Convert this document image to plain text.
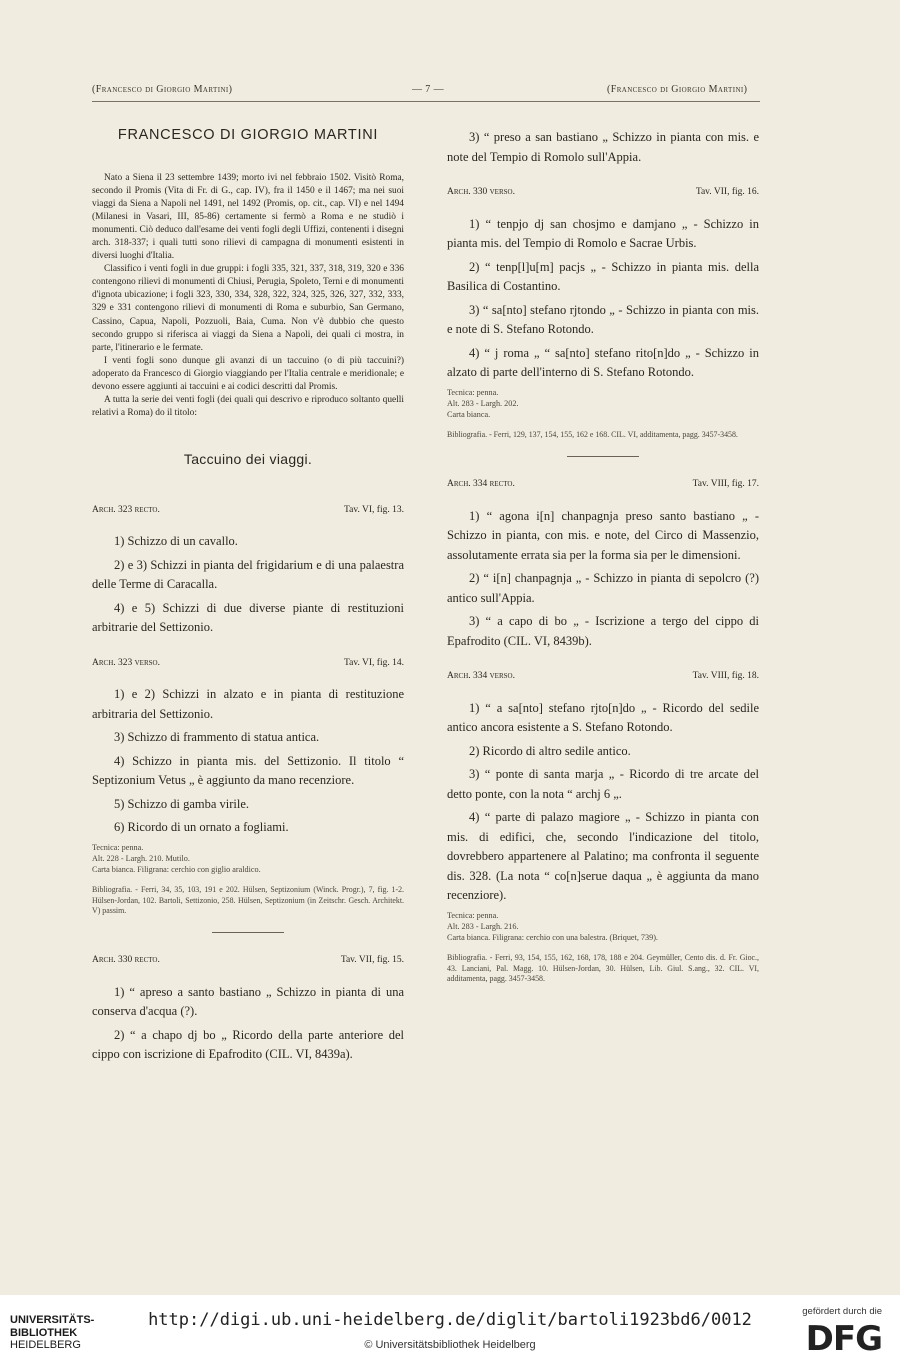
(Francesco di Giorgio Martini)	— 7 —	(Francesco di Giorgio Martini)
FRANCESCO DI GIORGIO MARTINI

Nato a Siena il 23 settembre 1439; morto ivi nel febbraio 1502. Visitò Roma, secondo il Promis (Vita di Fr. di G., cap. IV), fra il 1450 e il 1467; ma nei suoi viaggi da Siena a Napoli nel 1491, nel 1492 (Promis, op. cit., cap. VI) e nel 1494 (Milanesi in Vasari, III, 85-86) certamente si fermò a Roma e ne studiò i monumenti. Ciò deduco dall'esame dei venti fogli degli Uffizi, contenenti i disegni arch. 318-337; i quali tutti sono rilievi di campagna di monumenti esistenti in diversi luoghi d'Italia.

Classifico i venti fogli in due gruppi: i fogli 335, 321, 337, 318, 319, 320 e 336 contengono rilievi di monumenti di Chiusi, Perugia, Spoleto, Terni e di monumenti d'ignota ubicazione; i fogli 323, 330, 334, 328, 322, 324, 325, 326, 327, 332, 333, 329 e 331 contengono rilievi di monumenti di Roma e suburbio, San Germano, Cassino, Capua, Napoli, Pozzuoli, Baia, Cuma. Non v'è dubbio che questo secondo gruppo si riferisca ai viaggi da Siena a Napoli, dei quali ci mostra, in parte, l'itinerario e le fermate.

I venti fogli sono dunque gli avanzi di un taccuino (o di più taccuini?) adoperato da Francesco di Giorgio viaggiando per l'Italia centrale e meridionale; e devono essere aggiunti ai taccuini e ai codici descritti dal Promis.

A tutta la serie dei venti fogli (dei quali qui descrivo e riproduco soltanto quelli relativi a Roma) do il titolo:

Taccuino dei viaggi.
Arch. 323 recto.	Tav. VI, fig. 13.

1) Schizzo di un cavallo.

2) e 3) Schizzi in pianta del frigidarium e di una palaestra delle Terme di Caracalla.

4) e 5) Schizzi di due diverse piante di restituzioni arbitrarie del Settizonio.

Arch. 323 verso.	Tav. VI, fig. 14.

1) e 2) Schizzi in alzato e in pianta di restituzione arbitraria del Settizonio.

3) Schizzo di frammento di statua antica.

4) Schizzo in pianta mis. del Settizonio. Il titolo “ Septizonium Vetus „ è aggiunto da mano recenziore.

5) Schizzo di gamba virile.

6) Ricordo di un ornato a fogliami.

Tecnica: penna.
Alt. 228 - Largh. 210. Mutilo.
Carta bianca. Filigrana: cerchio con giglio araldico.
Bibliografia. - Ferri, 34, 35, 103, 191 e 202. Hülsen, Septizonium (Winck. Progr.), 7, fig. 1-2. Hülsen-Jordan, 102. Bartoli, Settizonio, 258. Hülsen, Septizonium (in Zeitschr. Gesch. Architekt. V) passim.
Arch. 330 recto.	Tav. VII, fig. 15.

1) “ apreso a santo bastiano „ Schizzo in pianta di una conserva d'acqua (?).

2) “ a chapo dj bo „ Ricordo della parte anteriore del cippo con iscrizione di Epafrodito (CIL. VI, 8439a).

3) “ preso a san bastiano „ Schizzo in pianta con mis. e note del Tempio di Romolo sull'Appia.

Arch. 330 verso.	Tav. VII, fig. 16.

1) “ tenpjo dj san chosjmo e damjano „ - Schizzo in pianta mis. del Tempio di Romolo e Sacrae Urbis.

2) “ tenp[l]u[m] pacjs „ - Schizzo in pianta mis. della Basilica di Costantino.

3) “ sa[nto] stefano rjtondo „ - Schizzo in pianta con mis. e note di S. Stefano Rotondo.

4) “ j roma „ “ sa[nto] stefano rito[n]do „ - Schizzo in alzato di parte dell'interno di S. Stefano Rotondo.

Tecnica: penna.
Alt. 283 - Largh. 202.
Carta bianca.
Bibliografia. - Ferri, 129, 137, 154, 155, 162 e 168. CIL. VI, additamenta, pagg. 3457-3458.
Arch. 334 recto.	Tav. VIII, fig. 17.

1) “ agona i[n] chanpagnja preso santo bastiano „ - Schizzo in pianta, con mis. e note, del Circo di Massenzio, assolutamente errata sia per la forma sia per le dimensioni.

2) “ i[n] chanpagnja „ - Schizzo in pianta di sepolcro (?) antico sull'Appia.

3) “ a capo di bo „ - Iscrizione a tergo del cippo di Epafrodito (CIL. VI, 8439b).

Arch. 334 verso.	Tav. VIII, fig. 18.

1) “ a sa[nto] stefano rjto[n]do „ - Ricordo del sedile antico ancora esistente a S. Stefano Rotondo.

2) Ricordo di altro sedile antico.

3) “ ponte di santa marja „ - Ricordo di tre arcate del detto ponte, con la nota “ archj 6 „.

4) “ parte di palazo magiore „ - Schizzo in pianta con mis. di edifici, che, secondo l'indicazione del titolo, dovrebbero appartenere al Palatino; ma confronta il seguente dis. 328. (La nota “ co[n]serue daqua „ è aggiunta da mano recenziore).

Tecnica: penna.
Alt. 283 - Largh. 216.
Carta bianca. Filigrana: cerchio con una balestra. (Briquet, 739).
Bibliografia. - Ferri, 93, 154, 155, 162, 168, 178, 188 e 204. Geymüller, Cento dis. d. Fr. Gioc., 43. Lanciani, Pal. Magg. 10. Hülsen-Jordan, 30. Hülsen, Lib. Giul. S.ang., 32. CIL. VI, additamenta, pagg. 3457-3458.
UNIVERSITÄTS-
BIBLIOTHEK
HEIDELBERG
http://digi.ub.uni-heidelberg.de/diglit/bartoli1923bd6/0012
© Universitätsbibliothek Heidelberg
gefördert durch die
DFG
